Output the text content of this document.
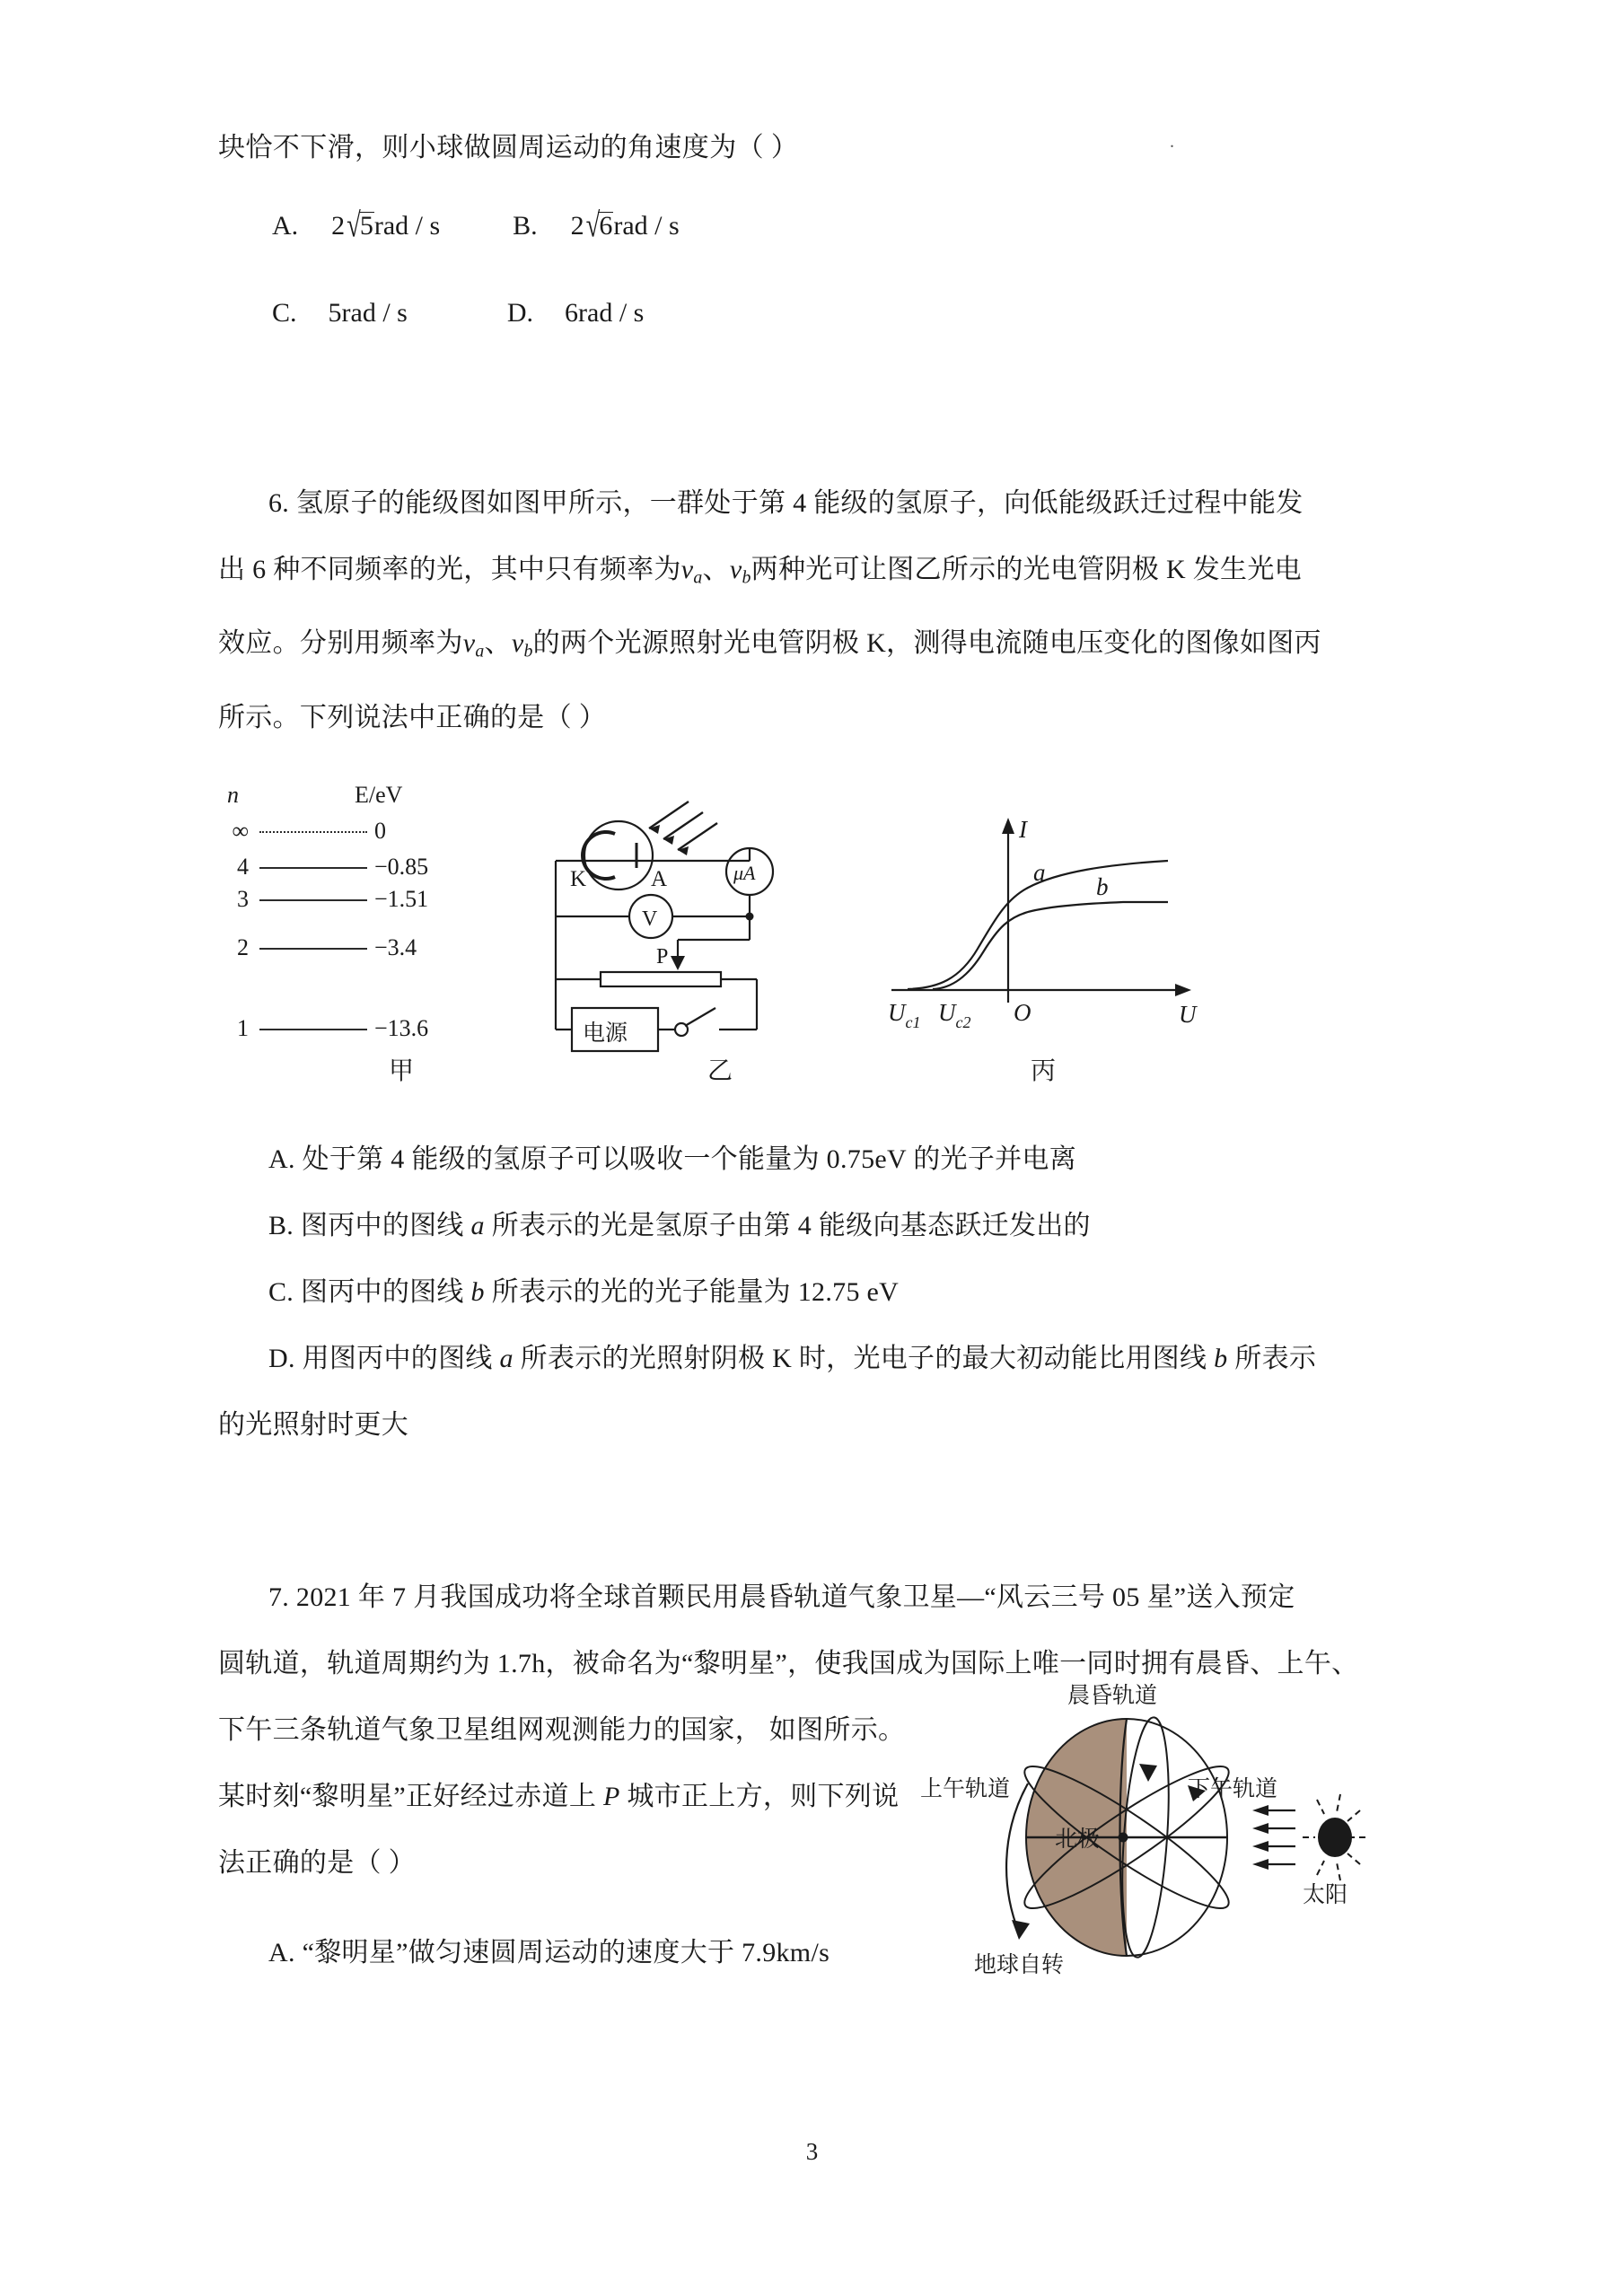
.
块恰不下滑，则小球做圆周运动的角速度为（ ）
A. 2√5rad / s	B. 2√6rad / s
C. 5rad / s	D. 6rad / s
6. 氢原子的能级图如图甲所示，一群处于第 4 能级的氢原子，向低能级跃迁过程中能发
出 6 种不同频率的光，其中只有频率为$\nu_a$、$\nu_b$两种光可让图乙所示的光电管阴极 K 发生光电
效应。分别用频率为$\nu_a$、$\nu_b$的两个光源照射光电管阴极 K，测得电流随电压变化的图像如图丙
所示。下列说法中正确的是（ ）
n	E/eV
∞	0
4	−0.85
3	−1.51
2	−3.4
1	−13.6
K	A	μA
V
P
电源
I
U
O
a
b
$U_{c1}$ $U_{c2}$
甲	乙	丙
A. 处于第 4 能级的氢原子可以吸收一个能量为 0.75eV 的光子并电离
B. 图丙中的图线 a 所表示的光是氢原子由第 4 能级向基态跃迁发出的
C. 图丙中的图线 b 所表示的光的光子能量为 12.75 eV
D. 用图丙中的图线 a 所表示的光照射阴极 K 时，光电子的最大初动能比用图线 b 所表示
的光照射时更大
7. 2021 年 7 月我国成功将全球首颗民用晨昏轨道气象卫星—“风云三号 05 星”送入预定
圆轨道，轨道周期约为 1.7h，被命名为“黎明星”，使我国成为国际上唯一同时拥有晨昏、上午、
下午三条轨道气象卫星组网观测能力的国家， 如图所示。
某时刻“黎明星”正好经过赤道上 P 城市正上方，则下列说
法正确的是（ ）
A. “黎明星”做匀速圆周运动的速度大于 7.9km/s
晨昏轨道
上午轨道	下午轨道
北极
太阳
地球自转
3
